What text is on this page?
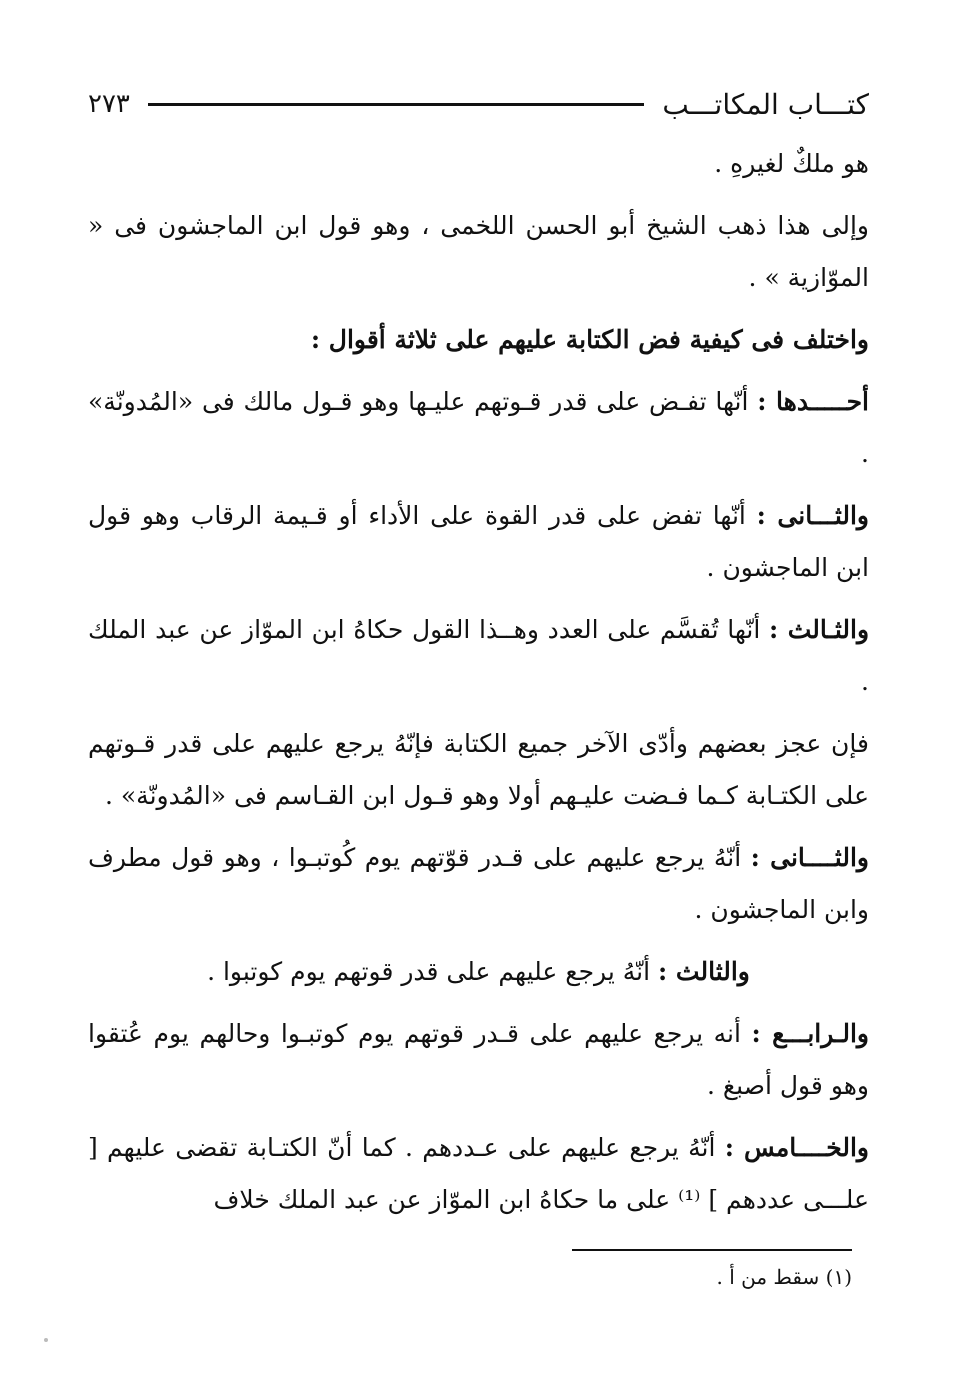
كتـــاب المكاتـــب
٢٧٣

هو ملكٌ لغيرهِ .

وإلى هذا ذهب الشيخ أبو الحسن اللخمى ، وهو قول ابن الماجشون فى « الموّازية » .

واختلف فى كيفية فض الكتابة عليهم على ثلاثة أقوال :

أحـــــدها : أنّها تفـض على قدر قـوتهم عليـها وهو قـول مالك فى «المُدونّة» .

والثـــانى : أنّها تفض على قدر القوة على الأداء أو قـيمة الرقاب وهو قول ابن الماجشون .

والثـالث : أنّها تُقسَّم على العدد وهــذا القول حكاهُ ابن الموّاز عن عبد الملك .

فإن عجز بعضهم وأدّى الآخر جميع الكتابة فإنّهُ يرجع عليهم على قدر قـوتهم على الكتـابة كـما فـضت عليـهم أولا وهو قـول ابن القـاسم فى «المُدونّة» .

والثــــانى : أنّهُ يرجع عليهم على قـدر قوّتهم يوم كُوتبـوا ، وهو قول مطرف وابن الماجشون .

والثالث : أنّهُ يرجع عليهم على قدر قوتهم يوم كوتبوا .

والـرابـــع : أنه يرجع عليهم على قـدر قوتهم يوم كوتبـوا وحالهم يوم عُتقوا وهو قول أصبغ .

والخــــامس : أنّهُ يرجع عليهم على عـددهم . كما أنّ الكتـابة تقضى عليهم [ علـــى عددهم ] ⁽¹⁾ على ما حكاهُ ابن الموّاز عن عبد الملك خلاف

(١) سقط من أ .
